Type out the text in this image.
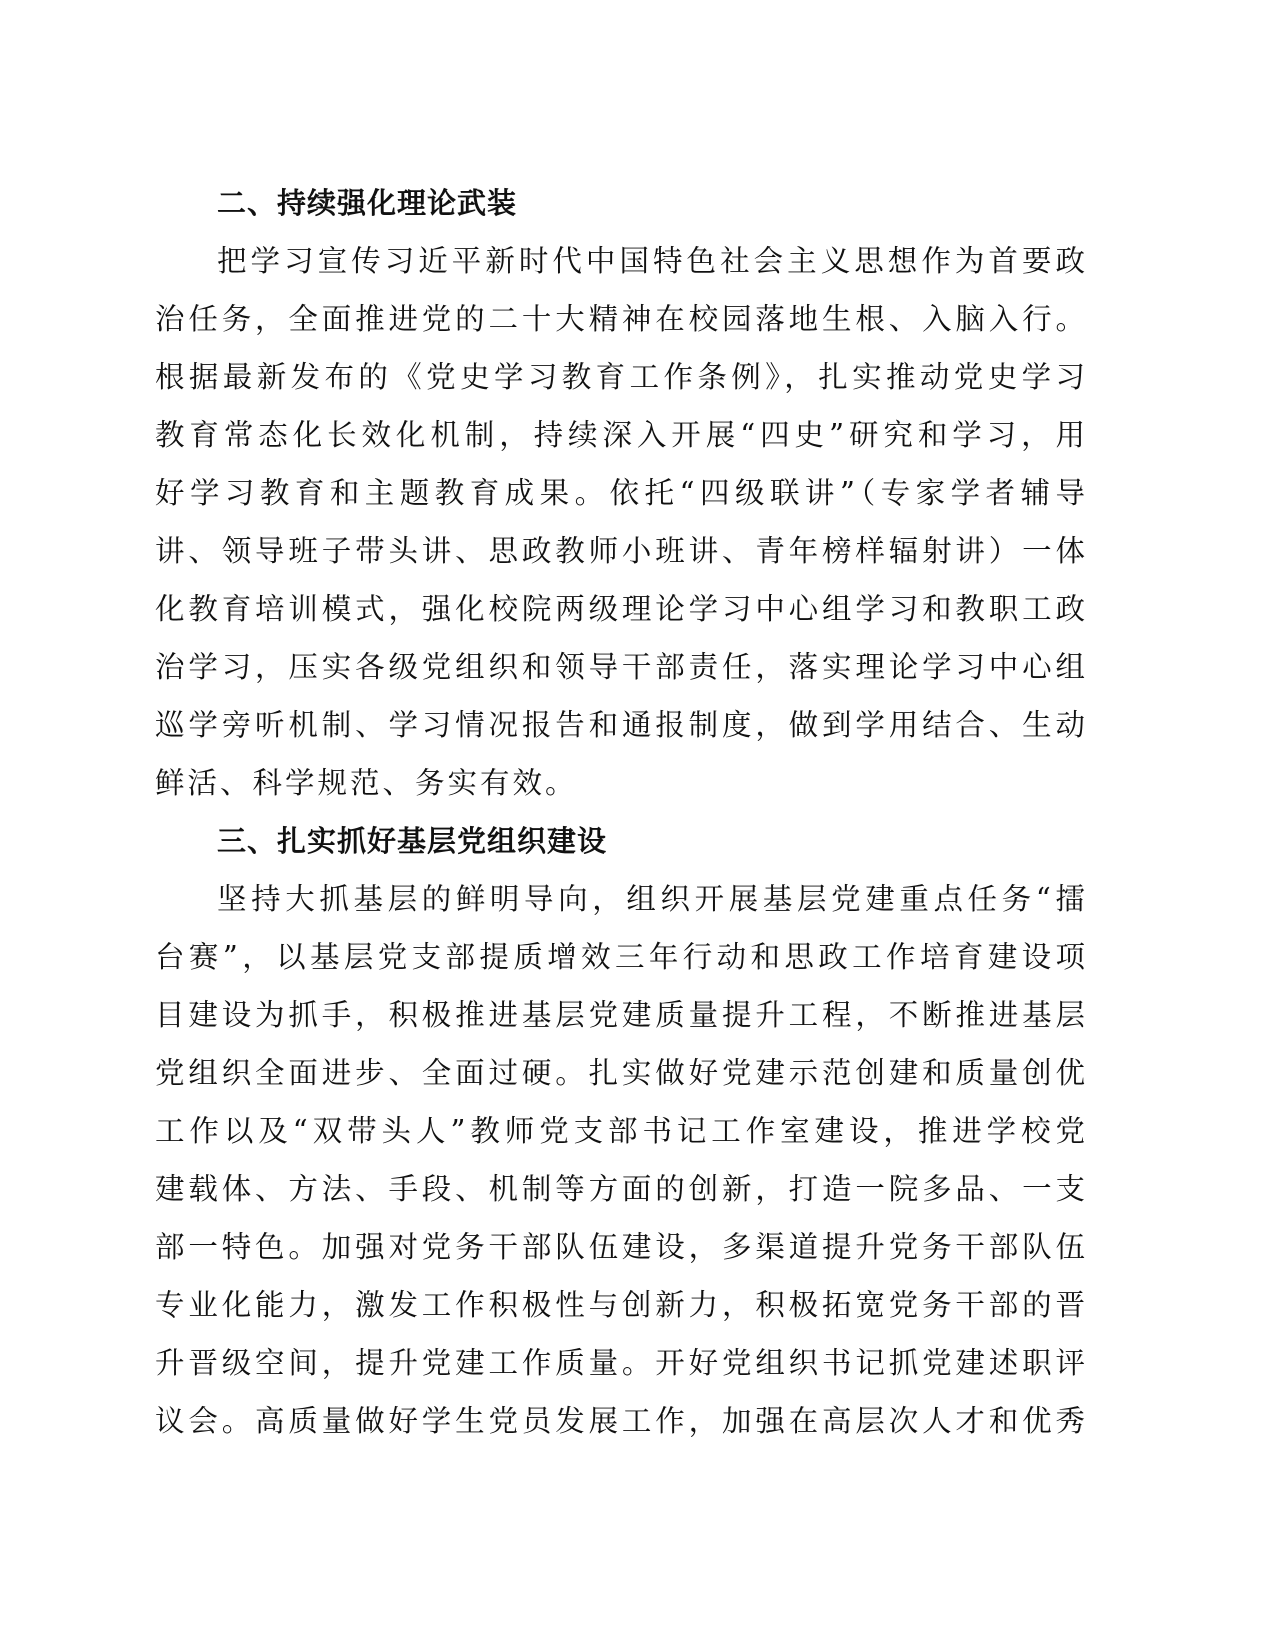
二、持续强化理论武装
把学习宣传习近平新时代中国特色社会主义思想作为首要政
治任务，全面推进党的二十大精神在校园落地生根、入脑入行。
根据最新发布的《党史学习教育工作条例》，扎实推动党史学习
教育常态化长效化机制，持续深入开展“四史”研究和学习，用
好学习教育和主题教育成果。依托“四级联讲”（专家学者辅导
讲、领导班子带头讲、思政教师小班讲、青年榜样辐射讲）一体
化教育培训模式，强化校院两级理论学习中心组学习和教职工政
治学习，压实各级党组织和领导干部责任，落实理论学习中心组
巡学旁听机制、学习情况报告和通报制度，做到学用结合、生动
鲜活、科学规范、务实有效。
三、扎实抓好基层党组织建设
坚持大抓基层的鲜明导向，组织开展基层党建重点任务“擂
台赛”，以基层党支部提质增效三年行动和思政工作培育建设项
目建设为抓手，积极推进基层党建质量提升工程，不断推进基层
党组织全面进步、全面过硬。扎实做好党建示范创建和质量创优
工作以及“双带头人”教师党支部书记工作室建设，推进学校党
建载体、方法、手段、机制等方面的创新，打造一院多品、一支
部一特色。加强对党务干部队伍建设，多渠道提升党务干部队伍
专业化能力，激发工作积极性与创新力，积极拓宽党务干部的晋
升晋级空间，提升党建工作质量。开好党组织书记抓党建述职评
议会。高质量做好学生党员发展工作，加强在高层次人才和优秀
